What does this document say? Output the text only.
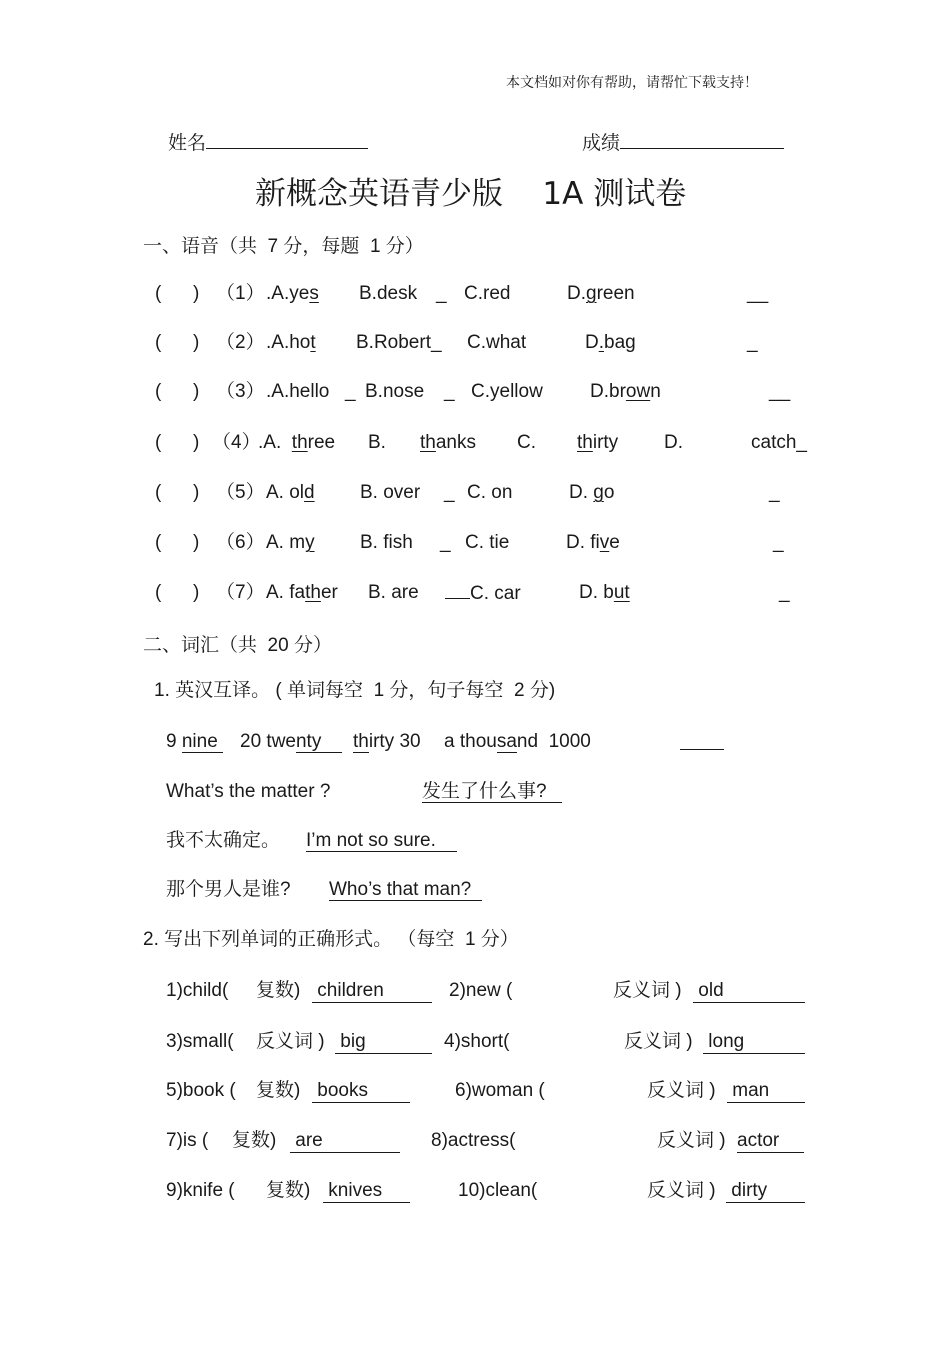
本文档如对你有帮助，请帮忙下载支持！
姓名	成绩
新概念英语青少版    1A 测试卷
一、语音（共  7 分，每题  1 分）
(      ) （1） .A.yes B.desk _ C.red	D.green	__
(      ) （2） .A.hot B.Robert_ C.what	D.bag	_
(      ) （3） .A.hello _ B.nose _ C.yellow D.brown	__
(      ) （4）
.A.  three B. thanks C. thirty D.	catch_
(      ) （5） A. old B. over _ C. on	D. go	_
(      ) （6） A. my B. fish _ C. tie	D. five	_
(      ) （7） A. father B. are	C. car	D. but	_
二、词汇（共  20 分）
1. 英汉互译。 ( 单词每空  1 分，句子每空  2 分)
9 nine 20 twenty	thirty 30 a thousand  1000
What’s the matter ?	发生了什么事?
我不太确定。 I’m not so sure.
那个男人是谁? Who’s that man?
2. 写出下列单词的正确形式。 （每空  1 分）
1)child( 复数) children	2)new (	反义词 ) old
3)small( 反义词 ) big	4)short(	反义词 ) long
5)book ( 复数) books	6)woman (	反义词 ) man
7)is ( 复数) are	8)actress(	反义词 ) actor
9)knife ( 复数) knives	10)clean(	反义词 ) dirty
